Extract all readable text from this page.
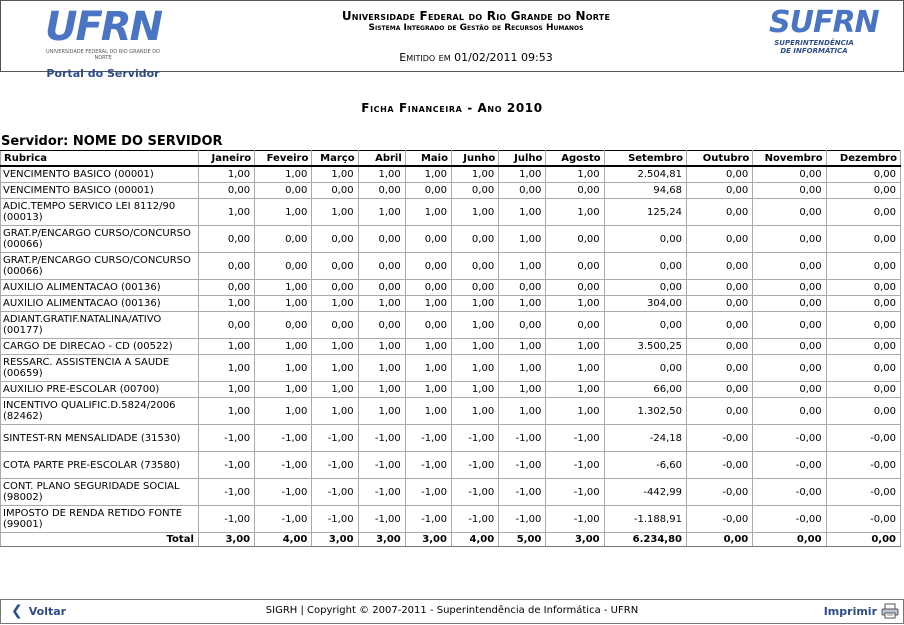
UFRN
UNIVERSIDADE FEDERAL DO RIO GRANDE DO NORTE
Portal do Servidor
Universidade Federal do Rio Grande do Norte
Sistema Integrado de Gestão de Recursos Humanos
Emitido em 01/02/2011 09:53
SUFRN
SUPERINTENDÊNCIA
DE INFORMÁTICA
Ficha Financeira - Ano 2010
Servidor: NOME DO SERVIDOR
Rubrica	Janeiro	Feveiro	Março	Abril	Maio	Junho	Julho	Agosto	Setembro	Outubro	Novembro	Dezembro
VENCIMENTO BASICO (00001)	1,00	1,00	1,00	1,00	1,00	1,00	1,00	1,00	2.504,81	0,00	0,00	0,00
VENCIMENTO BASICO (00001)	0,00	0,00	0,00	0,00	0,00	0,00	0,00	0,00	94,68	0,00	0,00	0,00
ADIC.TEMPO SERVICO LEI 8112/90 (00013)	1,00	1,00	1,00	1,00	1,00	1,00	1,00	1,00	125,24	0,00	0,00	0,00
GRAT.P/ENCARGO CURSO/CONCURSO (00066)	0,00	0,00	0,00	0,00	0,00	0,00	1,00	0,00	0,00	0,00	0,00	0,00
GRAT.P/ENCARGO CURSO/CONCURSO (00066)	0,00	0,00	0,00	0,00	0,00	0,00	1,00	0,00	0,00	0,00	0,00	0,00
AUXILIO ALIMENTACAO (00136)	0,00	1,00	0,00	0,00	0,00	0,00	0,00	0,00	0,00	0,00	0,00	0,00
AUXILIO ALIMENTACAO (00136)	1,00	1,00	1,00	1,00	1,00	1,00	1,00	1,00	304,00	0,00	0,00	0,00
ADIANT.GRATIF.NATALINA/ATIVO (00177)	0,00	0,00	0,00	0,00	0,00	1,00	0,00	0,00	0,00	0,00	0,00	0,00
CARGO DE DIRECAO - CD (00522)	1,00	1,00	1,00	1,00	1,00	1,00	1,00	1,00	3.500,25	0,00	0,00	0,00
RESSARC. ASSISTENCIA A SAUDE (00659)	1,00	1,00	1,00	1,00	1,00	1,00	1,00	1,00	0,00	0,00	0,00	0,00
AUXILIO PRE-ESCOLAR (00700)	1,00	1,00	1,00	1,00	1,00	1,00	1,00	1,00	66,00	0,00	0,00	0,00
INCENTIVO QUALIFIC.D.5824/2006 (82462)	1,00	1,00	1,00	1,00	1,00	1,00	1,00	1,00	1.302,50	0,00	0,00	0,00
SINTEST-RN MENSALIDADE (31530)	-1,00	-1,00	-1,00	-1,00	-1,00	-1,00	-1,00	-1,00	-24,18	-0,00	-0,00	-0,00
COTA PARTE PRE-ESCOLAR (73580)	-1,00	-1,00	-1,00	-1,00	-1,00	-1,00	-1,00	-1,00	-6,60	-0,00	-0,00	-0,00
CONT. PLANO SEGURIDADE SOCIAL (98002)	-1,00	-1,00	-1,00	-1,00	-1,00	-1,00	-1,00	-1,00	-442,99	-0,00	-0,00	-0,00
IMPOSTO DE RENDA RETIDO FONTE (99001)	-1,00	-1,00	-1,00	-1,00	-1,00	-1,00	-1,00	-1,00	-1.188,91	-0,00	-0,00	-0,00
Total	3,00	4,00	3,00	3,00	3,00	4,00	5,00	3,00	6.234,80	0,00	0,00	0,00
❮ Voltar	SIGRH | Copyright © 2007-2011 - Superintendência de Informática - UFRN	Imprimir
